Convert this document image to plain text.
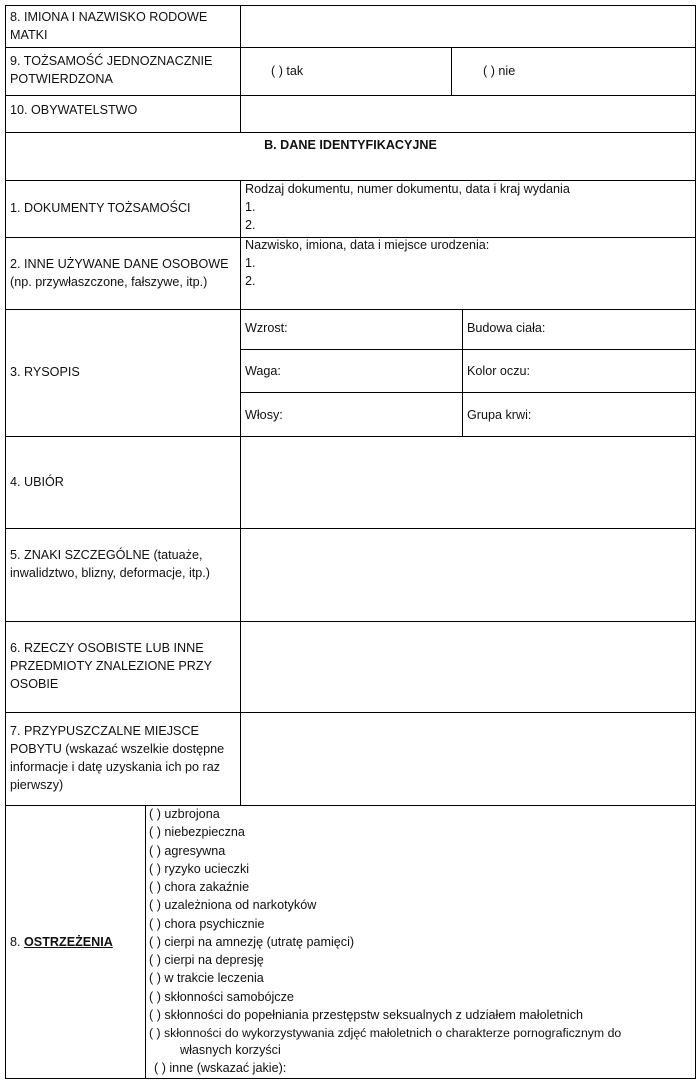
8. IMIONA I NAZWISKO RODOWE MATKI
9. TOŻSAMOŚĆ JEDNOZNACZNIE POTWIERDZONA
( ) tak	( ) nie
10. OBYWATELSTWO
B. DANE IDENTYFIKACYJNE
1. DOKUMENTY TOŻSAMOŚCI
Rodzaj dokumentu, numer dokumentu, data i kraj wydania
1.
2.
2. INNE UŻYWANE DANE OSOBOWE (np. przywłaszczone, fałszywe, itp.)
Nazwisko, imiona, data i miejsce urodzenia:
1.
2.
3. RYSOPIS
Wzrost:	Budowa ciała:
Waga:	Kolor oczu:
Włosy:	Grupa krwi:
4. UBIÓR
5. ZNAKI SZCZEGÓLNE (tatuaże, inwalidztwo, blizny, deformacje, itp.)
6. RZECZY OSOBISTE LUB INNE PRZEDMIOTY ZNALEZIONE PRZY OSOBIE
7. PRZYPUSZCZALNE MIEJSCE POBYTU (wskazać wszelkie dostępne informacje i datę uzyskania ich po raz pierwszy)
8. OSTRZEŻENIA
( ) uzbrojona
( ) niebezpieczna
( ) agresywna
( ) ryzyko ucieczki
( ) chora zakaźnie
( ) uzależniona od narkotyków
( ) chora psychicznie
( ) cierpi na amnezję (utratę pamięci)
( ) cierpi na depresję
( ) w trakcie leczenia
( ) skłonności samobójcze
( ) skłonności do popełniania przestępstw seksualnych z udziałem małoletnich
( ) skłonności do wykorzystywania zdjęć małoletnich o charakterze pornograficznym do
własnych korzyści
( ) inne (wskazać jakie):
